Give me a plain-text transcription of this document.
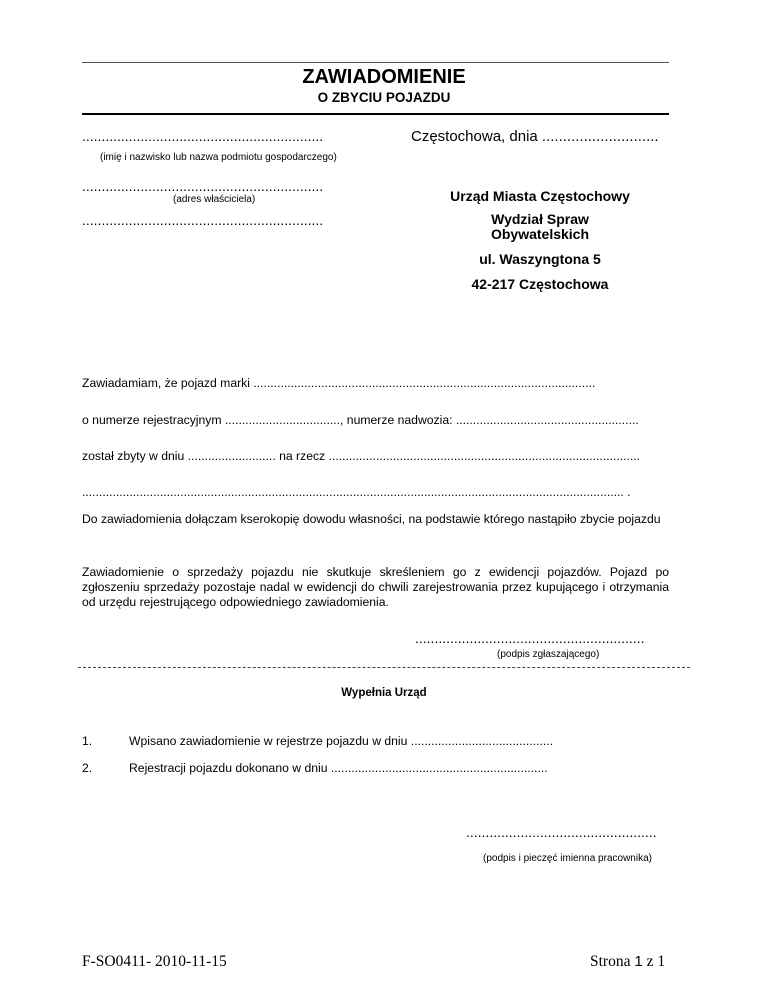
ZAWIADOMIENIE
O ZBYCIU POJAZDU
..............................................................
(imię i nazwisko lub nazwa podmiotu gospodarczego)
..............................................................
(adres właściciela)
..............................................................
Częstochowa, dnia ............................
Urząd Miasta Częstochowy
Wydział Spraw
Obywatelskich
ul. Waszyngtona 5
42-217 Częstochowa
Zawiadamiam, że pojazd marki .....................................................................................................
o numerze rejestracyjnym .................................., numerze nadwozia: ......................................................
został zbyty w dniu .......................... na rzecz ............................................................................................
................................................................................................................................................................ .
Do zawiadomienia dołączam kserokopię dowodu własności, na podstawie którego nastąpiło zbycie pojazdu
Zawiadomienie o sprzedaży pojazdu nie skutkuje skreśleniem go z ewidencji pojazdów. Pojazd po zgłoszeniu sprzedaży pozostaje nadal w ewidencji do chwili zarejestrowania przez kupującego i otrzymania od urzędu rejestrującego odpowiedniego zawiadomienia.
...........................................................
(podpis zgłaszającego)
Wypełnia Urząd
1.	Wpisano zawiadomienie w rejestrze pojazdu w dniu ..........................................
2.	Rejestracji pojazdu dokonano w dniu ................................................................
.................................................
(podpis i pieczęć imienna pracownika)
F-SO0411- 2010-11-15	Strona 1 z 1
